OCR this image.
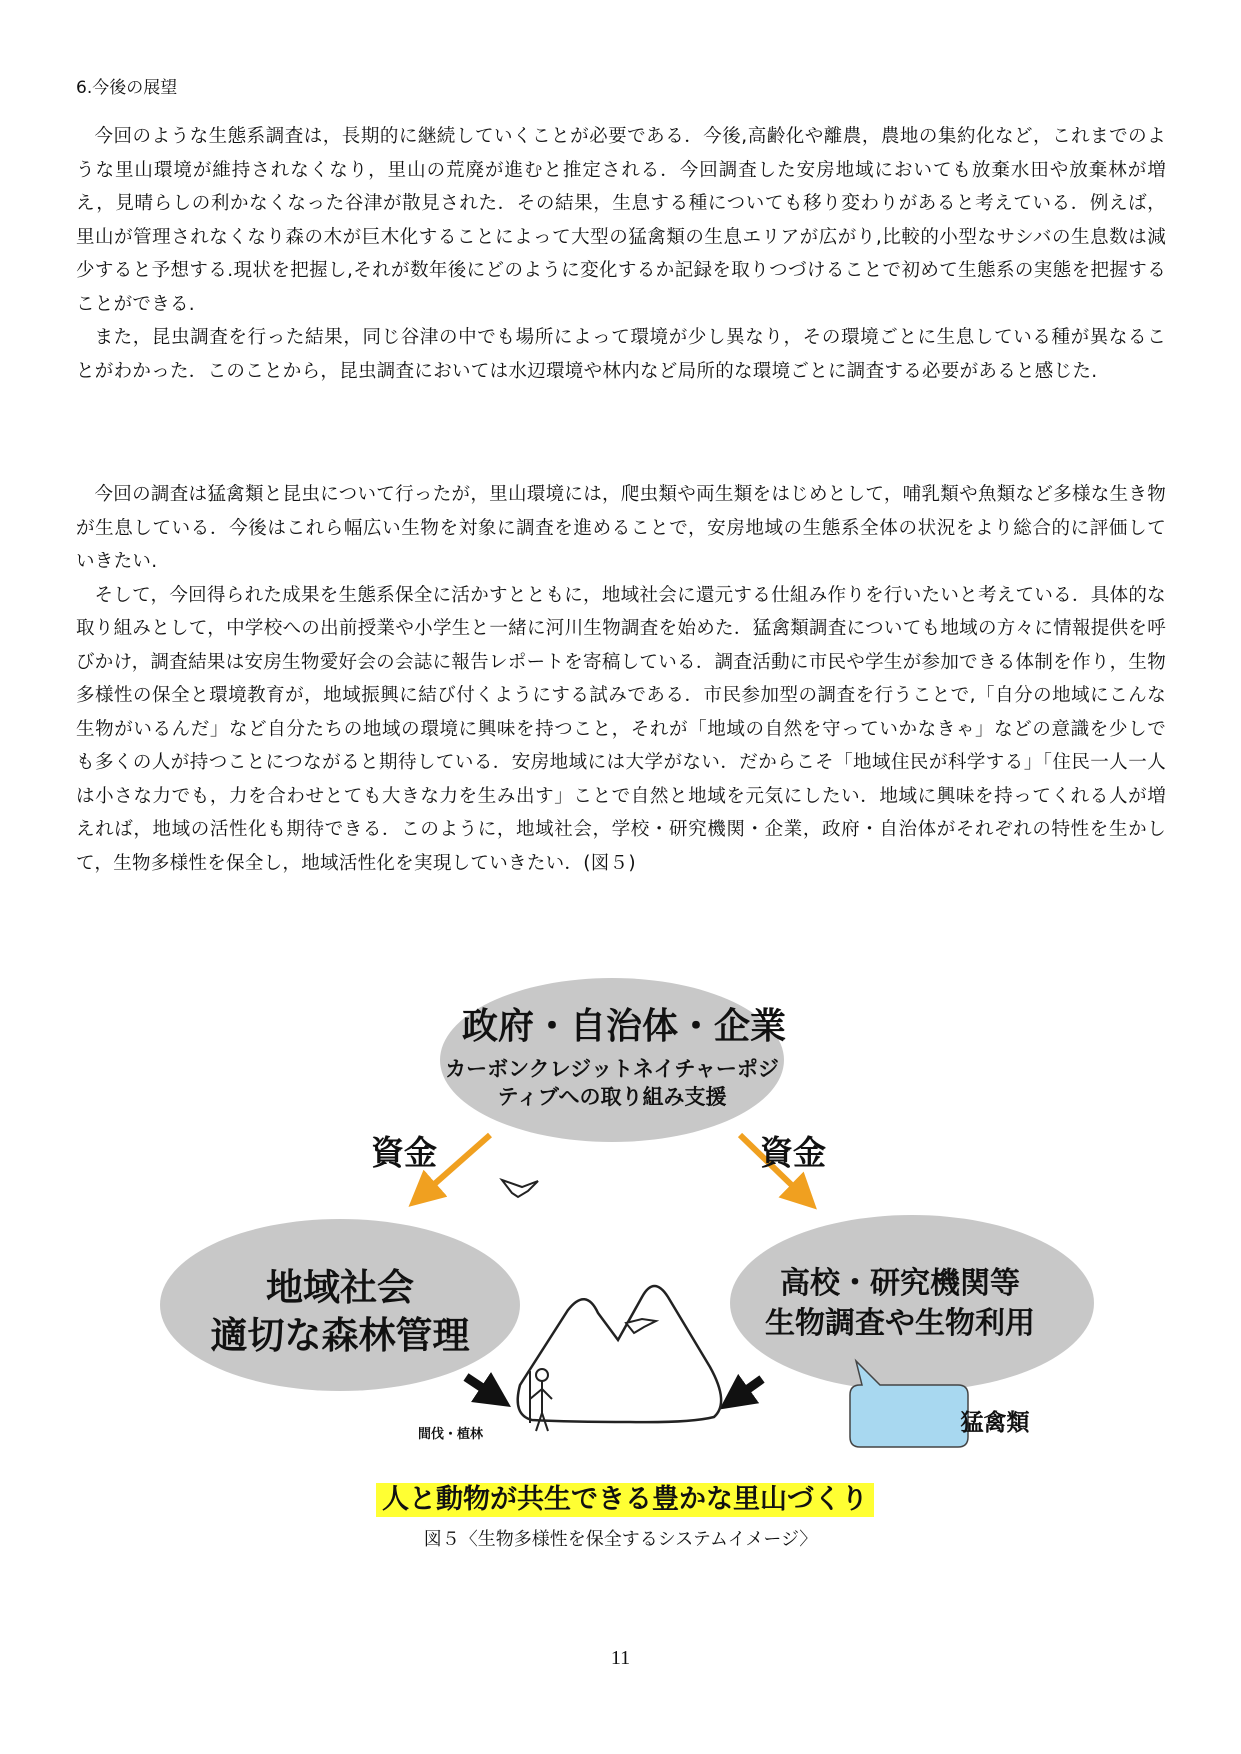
6.今後の展望

今回のような生態系調査は，長期的に継続していくことが必要である．今後,高齢化や離農，農地の集約化など，これまでのような里山環境が維持されなくなり，里山の荒廃が進むと推定される．今回調査した安房地域においても放棄水田や放棄林が増え，見晴らしの利かなくなった谷津が散見された．その結果，生息する種についても移り変わりがあると考えている．例えば，里山が管理されなくなり森の木が巨木化することによって大型の猛禽類の生息エリアが広がり,比較的小型なサシバの生息数は減少すると予想する.現状を把握し,それが数年後にどのように変化するか記録を取りつづけることで初めて生態系の実態を把握することができる.

また，昆虫調査を行った結果，同じ谷津の中でも場所によって環境が少し異なり，その環境ごとに生息している種が異なることがわかった．このことから，昆虫調査においては水辺環境や林内など局所的な環境ごとに調査する必要があると感じた.

今回の調査は猛禽類と昆虫について行ったが，里山環境には，爬虫類や両生類をはじめとして，哺乳類や魚類など多様な生き物が生息している．今後はこれら幅広い生物を対象に調査を進めることで，安房地域の生態系全体の状況をより総合的に評価していきたい.

そして，今回得られた成果を生態系保全に活かすとともに，地域社会に還元する仕組み作りを行いたいと考えている．具体的な取り組みとして，中学校への出前授業や小学生と一緒に河川生物調査を始めた．猛禽類調査についても地域の方々に情報提供を呼びかけ，調査結果は安房生物愛好会の会誌に報告レポートを寄稿している．調査活動に市民や学生が参加できる体制を作り，生物多様性の保全と環境教育が，地域振興に結び付くようにする試みである．市民参加型の調査を行うことで,「自分の地域にこんな生物がいるんだ」など自分たちの地域の環境に興味を持つこと，それが「地域の自然を守っていかなきゃ」などの意識を少しでも多くの人が持つことにつながると期待している．安房地域には大学がない．だからこそ「地域住民が科学する」「住民一人一人は小さな力でも，力を合わせとても大きな力を生み出す」ことで自然と地域を元気にしたい．地域に興味を持ってくれる人が増えれば，地域の活性化も期待できる．このように，地域社会，学校・研究機関・企業，政府・自治体がそれぞれの特性を生かして，生物多様性を保全し，地域活性化を実現していきたい．(図５)

政府・自治体・企業
カーボンクレジットネイチャーポジ
ティブへの取り組み支援
資金	資金
地域社会
適切な森林管理
高校・研究機関等
生物調査や生物利用
間伐・植林	猛禽類
人と動物が共生できる豊かな里山づくり
図５〈生物多様性を保全するシステムイメージ〉
11
